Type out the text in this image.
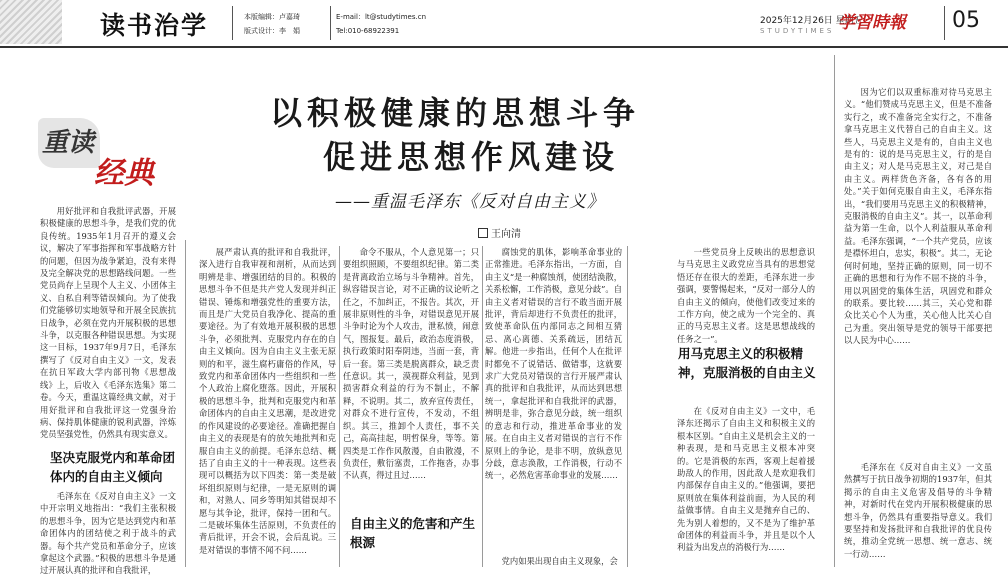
读书治学	本版编辑：卢嘉琦
版式设计：李　娟
E-mail：lt@studytimes.cn
Tel:010-68922391
2025年12月26日 星期五
STUDYTIMES 学習時報 05
重读
经典
以积极健康的思想斗争
促进思想作风建设
——重温毛泽东《反对自由主义》
王向清

用好批评和自我批评武器，开展积极健康的思想斗争，是我们党的优良传统。1935年1月召开的遵义会议，解决了军事指挥和军事战略方针的问题，但因为战争紧迫，没有来得及完全解决党的思想路线问题。一些党员尚存上呈现个人主义、小团体主义、自私自利等错误倾向。为了使我们党能够切实地领导和开展全民族抗日战争，必须在党内开展积极的思想斗争，以克服各种错误思想。为实现这一目标，1937年9月7日，毛泽东撰写了《反对自由主义》一文，发表在抗日军政大学内部刊物《思想战线》上，后收入《毛泽东选集》第二卷。今天，重温这篇经典文献，对于用好批评和自我批评这一党强身治病、保持肌体健康的锐利武器，淬炼党员坚强党性，仍然具有现实意义。

坚决克服党内和革命团体内的自由主义倾向

毛泽东在《反对自由主义》一文中开宗明义地指出：“我们主张积极的思想斗争，因为它是达到党内和革命团体内的团结使之利于战斗的武器。每个共产党员和革命分子，应该拿起这个武器。”积极的思想斗争是通过开展认真的批评和自我批评，

展严肃认真的批评和自我批评，深入进行自我审视和剖析，从而达到明辨是非、增强团结的目的。积极的思想斗争不但是共产党人发现并纠正错误、锤炼和增强党性的重要方法，而且是广大党员自我净化、提高的重要途径。为了有效地开展积极的思想斗争，必须批判、克服党内存在的自由主义倾向。因为自由主义主张无原则的和平，滋生腐朽庸俗的作风，导致党内和革命团体内一些组织和一些个人政治上腐化堕落。因此，开展积极的思想斗争，批判和克服党内和革命团体内的自由主义思潮，是改进党的作风建设的必要途径。准确把握自由主义的表现是有的放矢地批判和克服自由主义的前提。毛泽东总结、概括了自由主义的十一种表现。这些表现可以概括为以下四类：第一类是破坏组织原则与纪律，一是无原则的调和，对熟人、同乡等明知其错误却不愿与其争论，批评，保持一团和气。二是破坏集体生活原则，不负责任的背后批评，开会不说，会后乱说。三是对错误的事情不闻不问……

命令不服从，个人意见第一；只要组织照顾，不要组织纪律。第二类是背离政治立场与斗争精神。首先，纵容错误言论，对不正确的议论听之任之，不加纠正，不报告。其次，开展非原则性的斗争，对错误意见开展斗争时论为个人攻击，泄私愤，闹意气，图报复。最后，政治态度消极，执行政策时阳奉阴违，当面一套，背后一套。第三类是脱离群众，缺乏责任意识。其一，漠视群众利益，见到损害群众利益的行为不制止，不解释，不说明。其二，放弃宣传责任，对群众不进行宣传，不发动，不组织。其三，推卸个人责任，事不关己，高高挂起，明哲保身，等等。第四类是工作作风散漫，自由散漫，不负责任，敷衍塞责，工作拖沓，办事不认真，得过且过……

自由主义的危害和产生根源

腐蚀党的肌体，影响革命事业的正常推进。毛泽东指出，一方面，自由主义“是一种腐蚀剂，使团结涣散，关系松懈，工作消极，意见分歧”。自由主义者对错误的言行不敢当面开展批评，背后却进行不负责任的批评，致使革命队伍内部同志之间相互猜忌、离心离德、关系疏远，团结瓦解。他进一步指出，任何个人在批评时都免不了说错话、做错事，这就要求广大党员对错误的言行开展严肃认真的批评和自我批评，从而达到思想统一，拿起批评和自我批评的武器，辨明是非，弥合意见分歧，统一组织的意志和行动，推进革命事业的发展。在自由主义者对错误的言行不作原则上的争论，是非不明，放纵意见分歧，意志涣散，工作消极，行动不统一，必然危害革命事业的发展……

党内如果出现自由主义现象，会

一些党员身上反映出的思想意识与马克思主义政党应当具有的思想觉悟还存在很大的差距，毛泽东进一步强调，要警惕起来，“反对一部分人的自由主义的倾向，使他们改变过来的工作方向，使之成为一个完全的、真正的马克思主义者。这是思想战线的任务之一”。

用马克思主义的积极精神，克服消极的自由主义

在《反对自由主义》一文中，毛泽东还揭示了自由主义和积极主义的根本区别。“自由主义是机会主义的一种表现，是和马克思主义根本冲突的。它是消极的东西，客观上起着援助敌人的作用，因此敌人是欢迎我们内部保存自由主义的。”他强调，要把原则放在集体利益前面，为人民的利益做事情。自由主义是抛弃自己的、先为别人着想的，又不是为了维护革命团体的利益而斗争，并且是以个人利益为出发点的消极行为……

因为它们以双重标准对待马克思主义。“他们赞成马克思主义，但是不准备实行之，或不准备完全实行之，不准备拿马克思主义代替自己的自由主义。这些人，马克思主义是有的，自由主义也是有的：说的是马克思主义，行的是自由主义；对人是马克思主义，对己是自由主义。两样货色齐备，各有各的用处。”关于如何克服自由主义，毛泽东指出，“我们要用马克思主义的积极精神，克服消极的自由主义”。其一，以革命利益为第一生命，以个人利益服从革命利益。毛泽东强调，“一个共产党员，应该是襟怀坦白，忠实，积极”。其二，无论何时何地，坚持正确的原则，同一切不正确的思想和行为作不屈不挠的斗争，用以巩固党的集体生活，巩固党和群众的联系。要比较……其三，关心党和群众比关心个人为重，关心他人比关心自己为重。突出领导是党的领导干部要把以人民为中心……

毛泽东在《反对自由主义》一文虽然撰写于抗日战争初期的1937年，但其揭示的自由主义危害及倡导的斗争精神，对新时代在党内开展积极健康的思想斗争，仍然具有重要指导意义。我们要坚持和发扬批评和自我批评的优良传统，推动全党统一思想、统一意志、统一行动……
